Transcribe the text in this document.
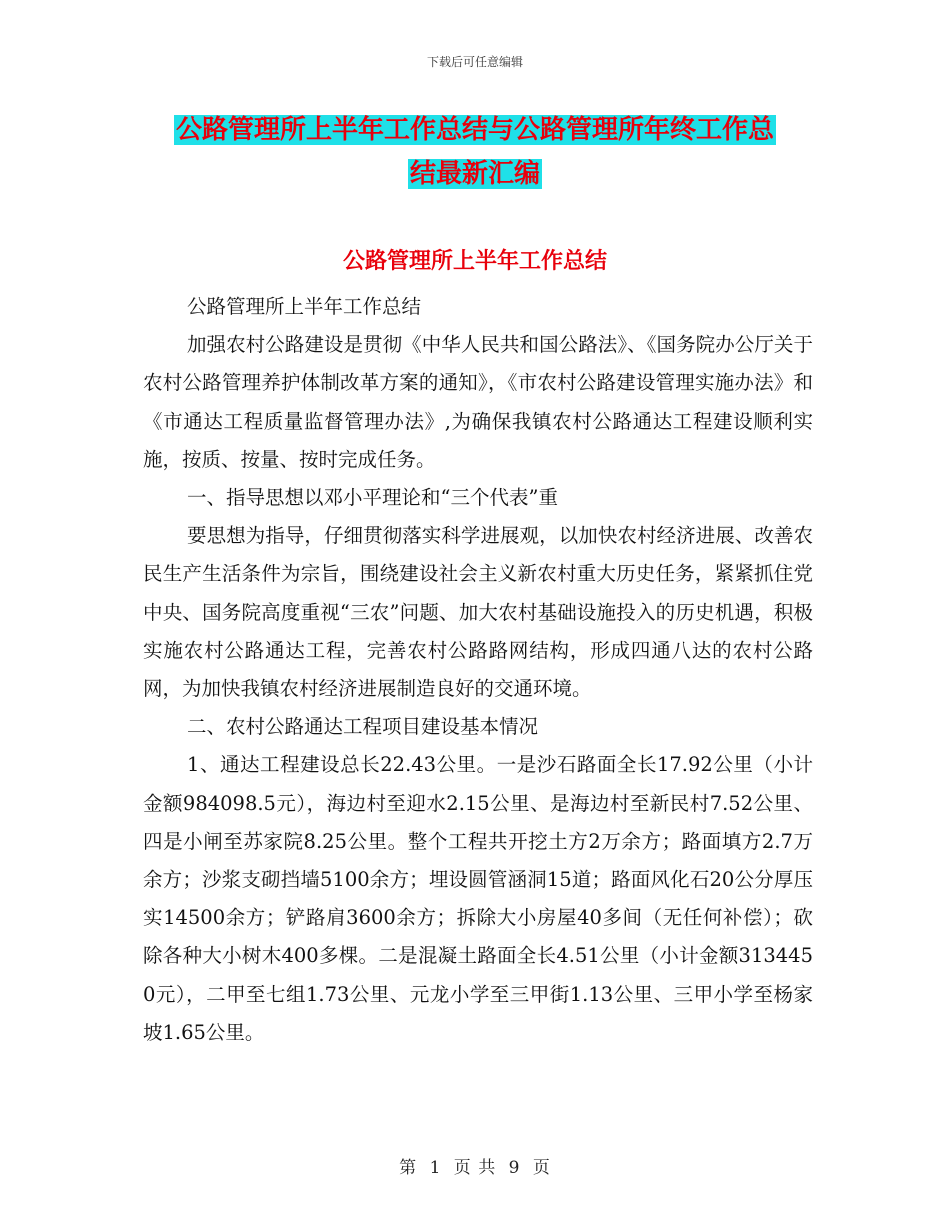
下载后可任意编辑
公路管理所上半年工作总结与公路管理所年终工作总
结最新汇编
公路管理所上半年工作总结

公路管理所上半年工作总结

加强农村公路建设是贯彻《中华人民共和国公路法》、《国务院办公厅关于农村公路管理养护体制改革方案的通知》，《市农村公路建设管理实施办法》和《市通达工程质量监督管理办法》,为确保我镇农村公路通达工程建设顺利实施，按质、按量、按时完成任务。

一、指导思想以邓小平理论和“三个代表”重

要思想为指导，仔细贯彻落实科学进展观，以加快农村经济进展、改善农民生产生活条件为宗旨，围绕建设社会主义新农村重大历史任务，紧紧抓住党中央、国务院高度重视“三农”问题、加大农村基础设施投入的历史机遇，积极实施农村公路通达工程，完善农村公路路网结构，形成四通八达的农村公路网，为加快我镇农村经济进展制造良好的交通环境。

二、农村公路通达工程项目建设基本情况

1、通达工程建设总长22.43公里。一是沙石路面全长17.92公里（小计金额984098.5元），海边村至迎水2.15公里、是海边村至新民村7.52公里、四是小闸至苏家院8.25公里。整个工程共开挖土方2万余方；路面填方2.7万余方；沙浆支砌挡墙5100余方；埋设圆管涵洞15道；路面风化石20公分厚压实14500余方；铲路肩3600余方；拆除大小房屋40多间（无任何补偿）；砍除各种大小树木400多棵。二是混凝土路面全长4.51公里（小计金额3134450元），二甲至七组1.73公里、元龙小学至三甲街1.13公里、三甲小学至杨家坡1.65公里。

第 1 页 共 9 页
